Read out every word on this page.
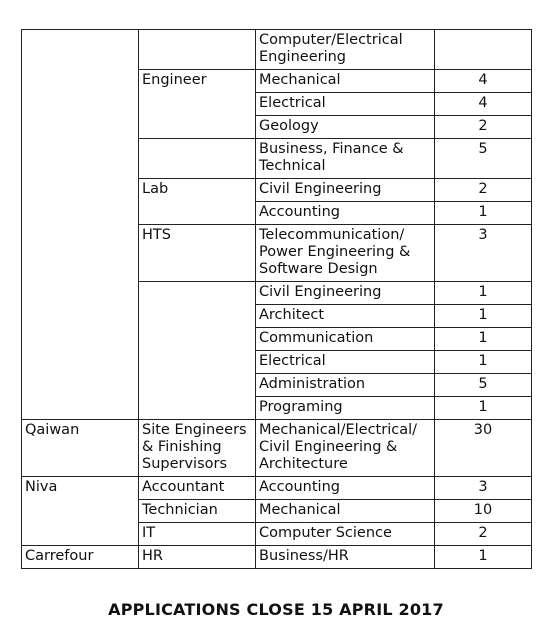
		Computer/Electrical Engineering	
	Engineer	Mechanical	4
		Electrical	4
		Geology	2
		Business, Finance & Technical	5
	Lab	Civil Engineering	2
		Accounting	1
	HTS	Telecommunication/ Power Engineering & Software Design	3
		Civil Engineering	1
		Architect	1
		Communication	1
		Electrical	1
		Administration	5
		Programing	1
Qaiwan	Site Engineers & Finishing Supervisors	Mechanical/Electrical/ Civil Engineering & Architecture	30
Niva	Accountant	Accounting	3
	Technician	Mechanical	10
	IT	Computer Science	2
Carrefour	HR	Business/HR	1
APPLICATIONS CLOSE 15 APRIL 2017
